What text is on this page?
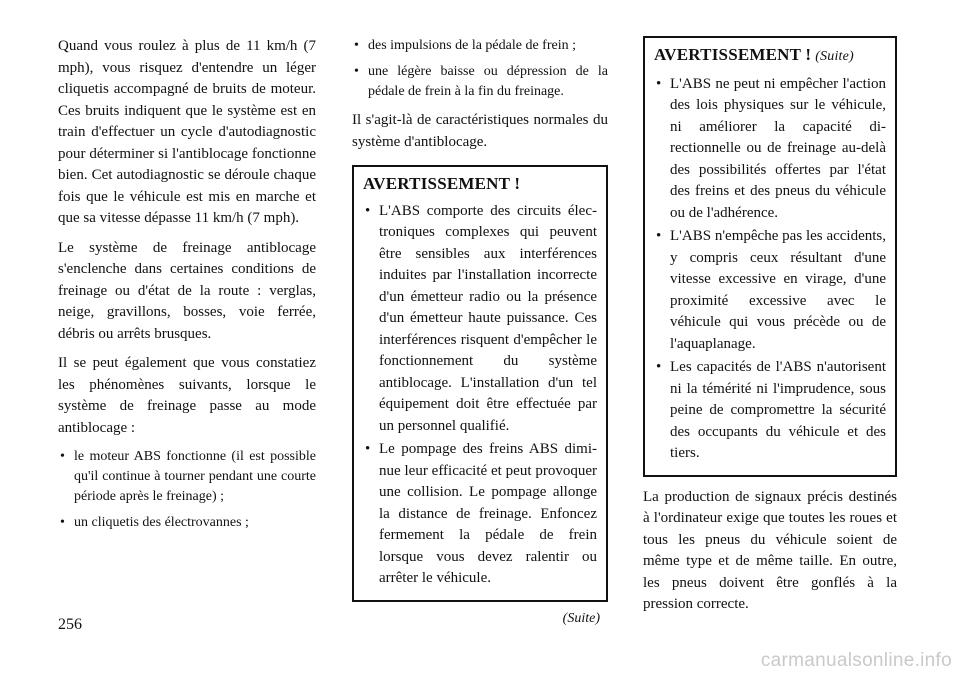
Quand vous roulez à plus de 11 km/h (7 mph), vous risquez d'entendre un léger cliquetis accompagné de bruits de moteur. Ces bruits indiquent que le système est en train d'effectuer un cycle d'autodiagnostic pour déterminer si l'antiblocage fonctionne bien. Cet autodiagnostic se déroule chaque fois que le véhicule est mis en marche et que sa vitesse dépasse 11 km/h (7 mph).

Le système de freinage antiblocage s'enclenche dans certaines conditions de freinage ou d'état de la route : verglas, neige, gravillons, bosses, voie ferrée, débris ou arrêts brusques.

Il se peut également que vous constatiez les phénomènes suivants, lorsque le système de freinage passe au mode antiblocage :

• le moteur ABS fonctionne (il est possible qu'il continue à tourner pendant une courte période après le freinage) ;
• un cliquetis des électrovannes ;
• des impulsions de la pédale de frein ;
• une légère baisse ou dépression de la pédale de frein à la fin du freinage.

Il s'agit-là de caractéristiques normales du système d'antiblocage.

AVERTISSEMENT !
• L'ABS comporte des circuits électroniques complexes qui peuvent être sensibles aux interférences induites par l'installation incorrecte d'un émetteur radio ou la présence d'un émetteur haute puissance. Ces interférences risquent d'empêcher le fonctionnement du système antiblocage. L'installation d'un tel équipement doit être effectuée par un personnel qualifié.
• Le pompage des freins ABS diminue leur efficacité et peut provoquer une collision. Le pompage allonge la distance de freinage. Enfoncez fermement la pédale de frein lorsque vous devez ralentir ou arrêter le véhicule.
(Suite)
AVERTISSEMENT ! (Suite)
• L'ABS ne peut ni empêcher l'action des lois physiques sur le véhicule, ni améliorer la capacité directionnelle ou de freinage au-delà des possibilités offertes par l'état des freins et des pneus du véhicule ou de l'adhérence.
• L'ABS n'empêche pas les accidents, y compris ceux résultant d'une vitesse excessive en virage, d'une proximité excessive avec le véhicule qui vous précède ou de l'aquaplanage.
• Les capacités de l'ABS n'autorisent ni la témérité ni l'imprudence, sous peine de compromettre la sécurité des occupants du véhicule et des tiers.

La production de signaux précis destinés à l'ordinateur exige que toutes les roues et tous les pneus du véhicule soient de même type et de même taille. En outre, les pneus doivent être gonflés à la pression correcte.

256
carmanualsonline.info
